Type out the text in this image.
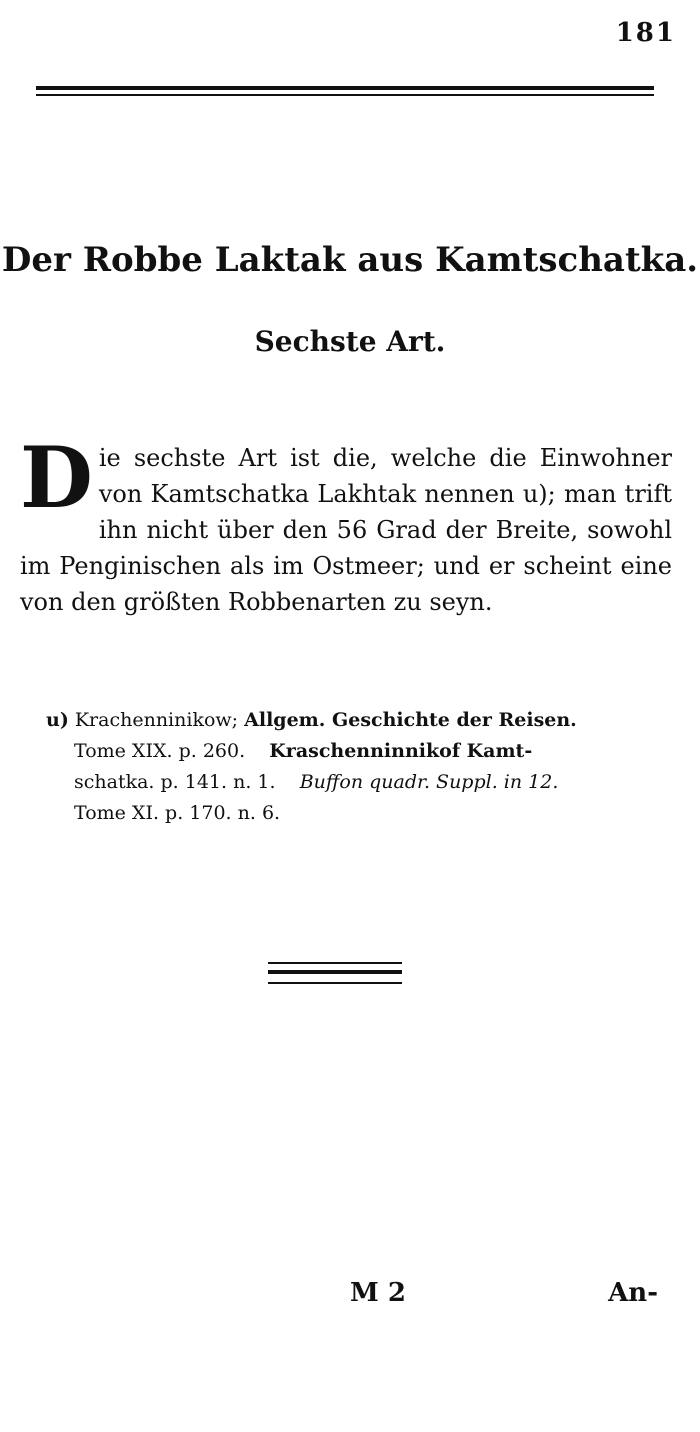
181
Der Robbe Laktak aus Kamtschatka.
Sechste Art.
D ie sechste Art ist die, welche die Einwohner von Kamtschatka Lakhtak nennen u); man trift ihn nicht über den 56 Grad der Breite, sowohl im Penginischen als im Ostmeer; und er scheint eine von den größten Robbenarten zu seyn.
u) Krachenninikow; Allgem. Geschichte der Reisen.
Tome XIX. p. 260. Kraschenninnikof Kamt-
schatka. p. 141. n. 1. Buffon quadr. Suppl. in 12.
Tome XI. p. 170. n. 6.
M 2	An-
